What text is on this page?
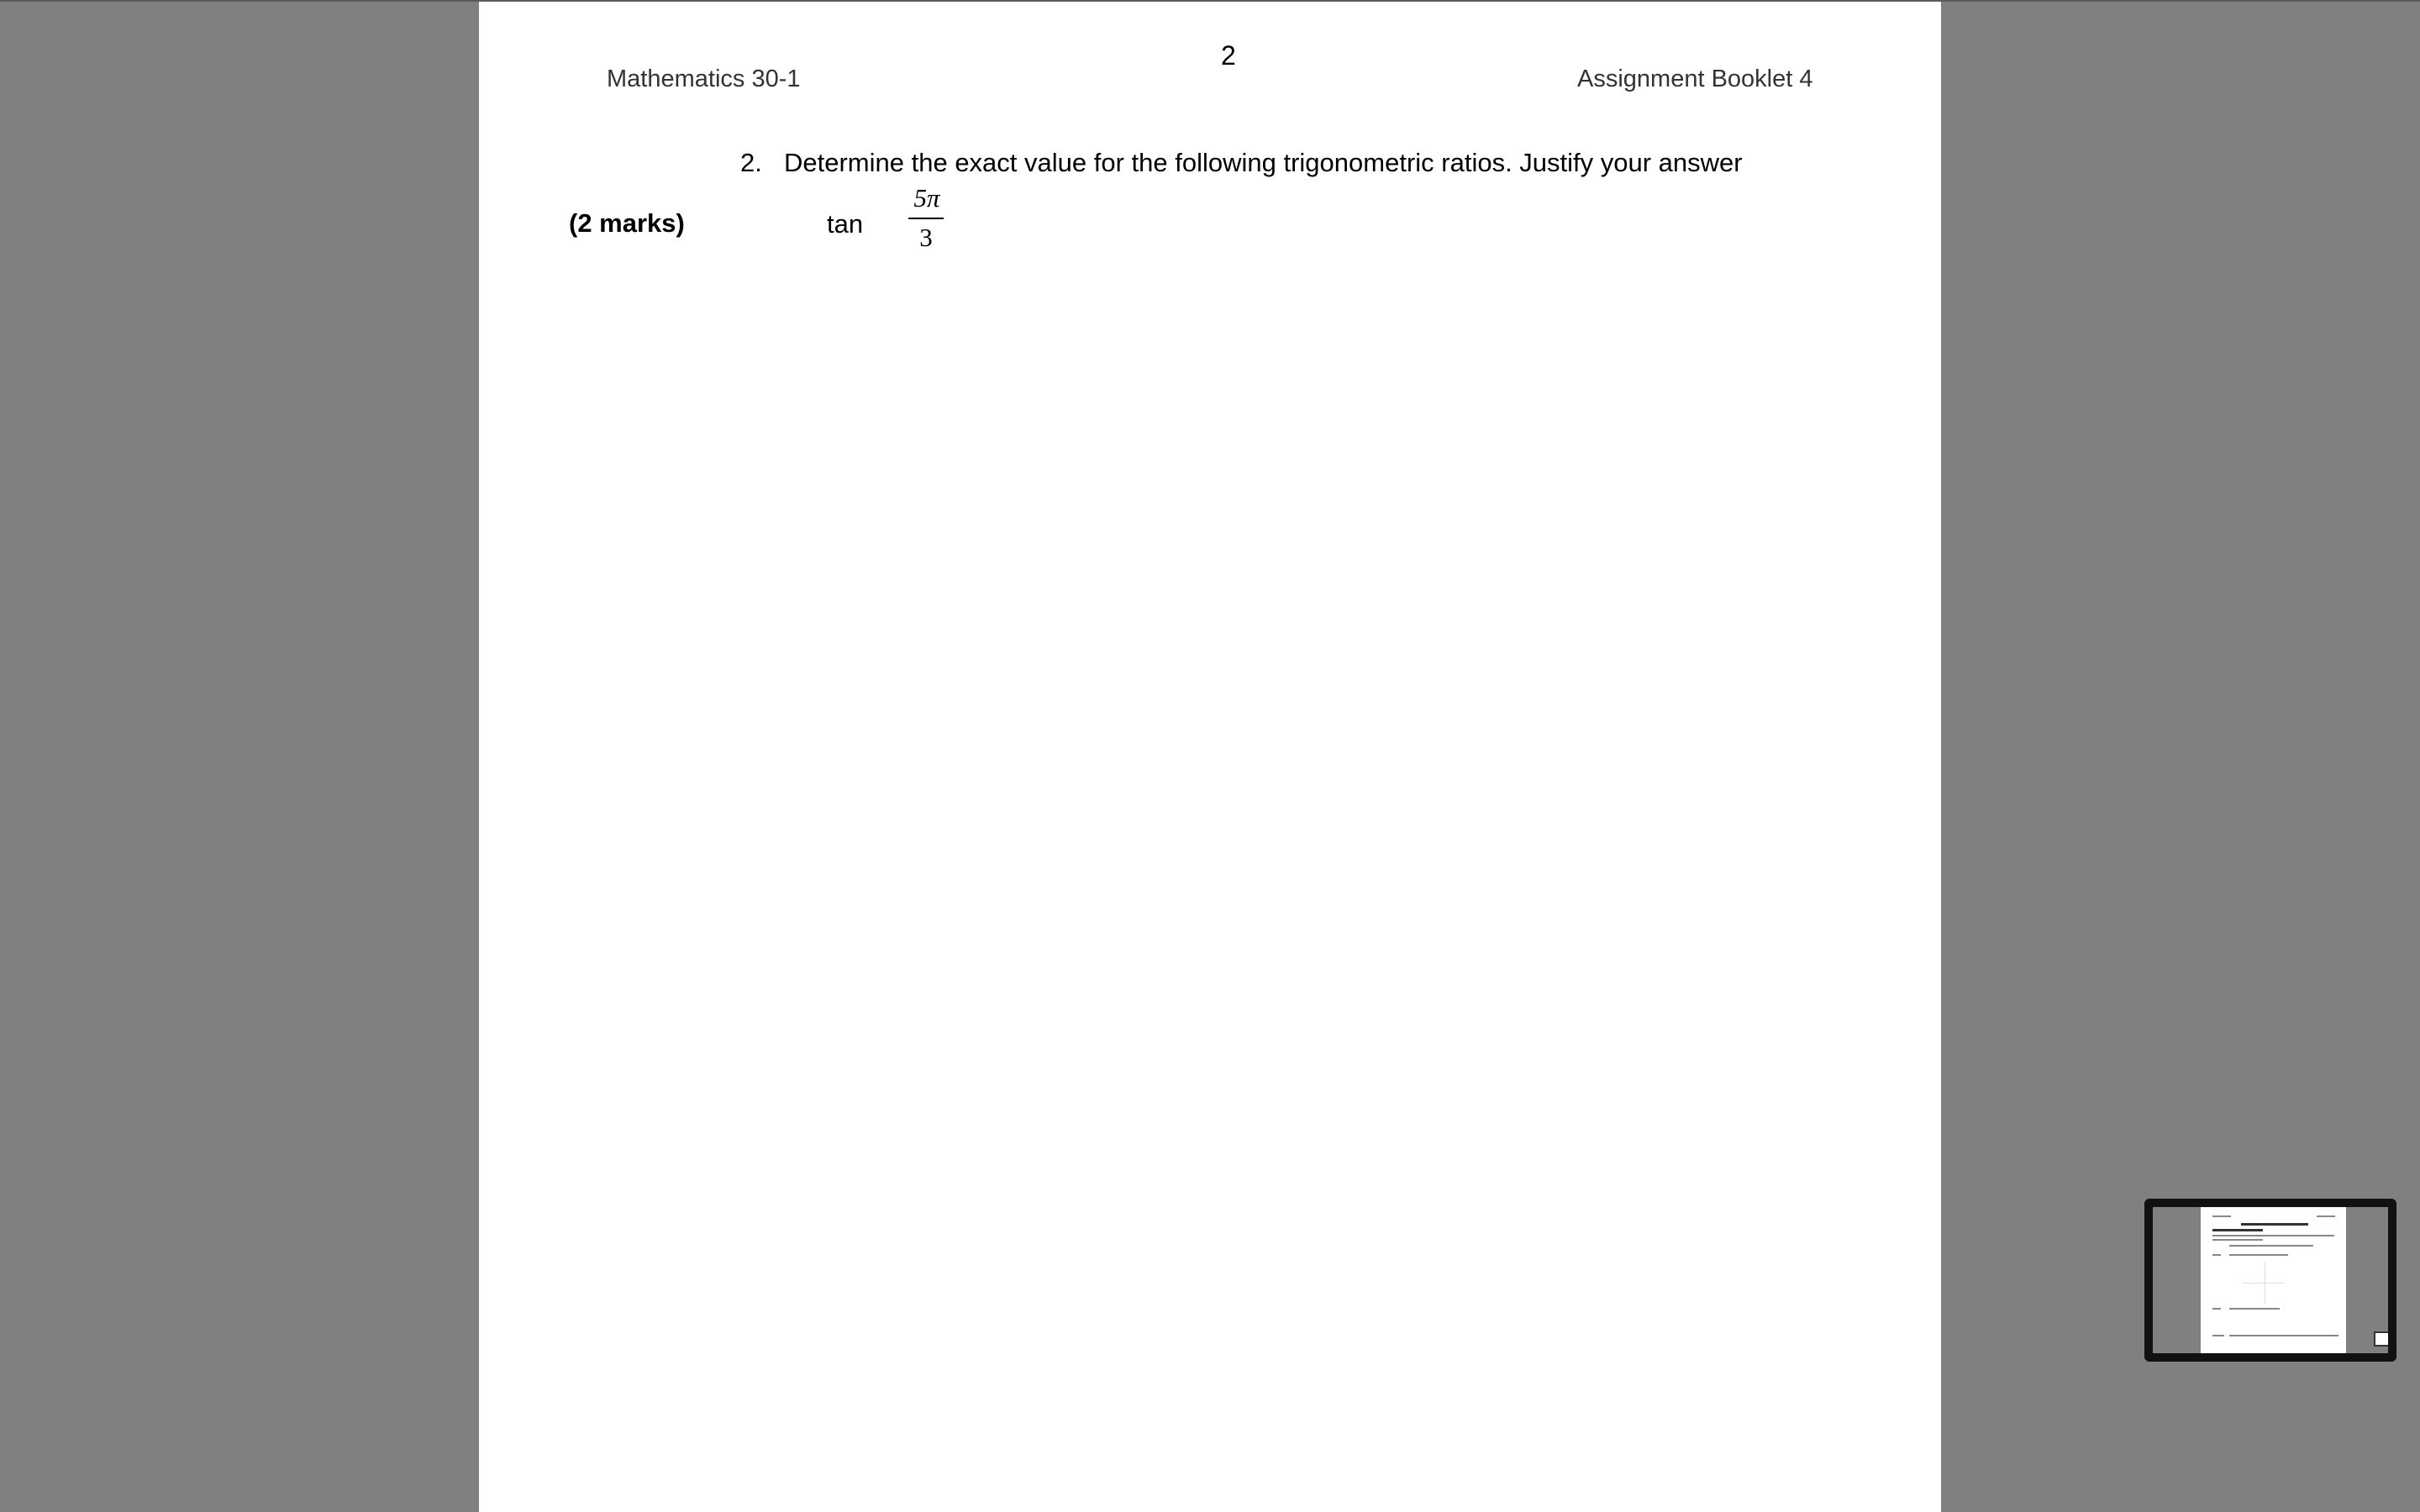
2
Mathematics 30-1	Assignment Booklet 4
2. Determine the exact value for the following trigonometric ratios. Justify your answer
(2 marks)	tan
5π
3
